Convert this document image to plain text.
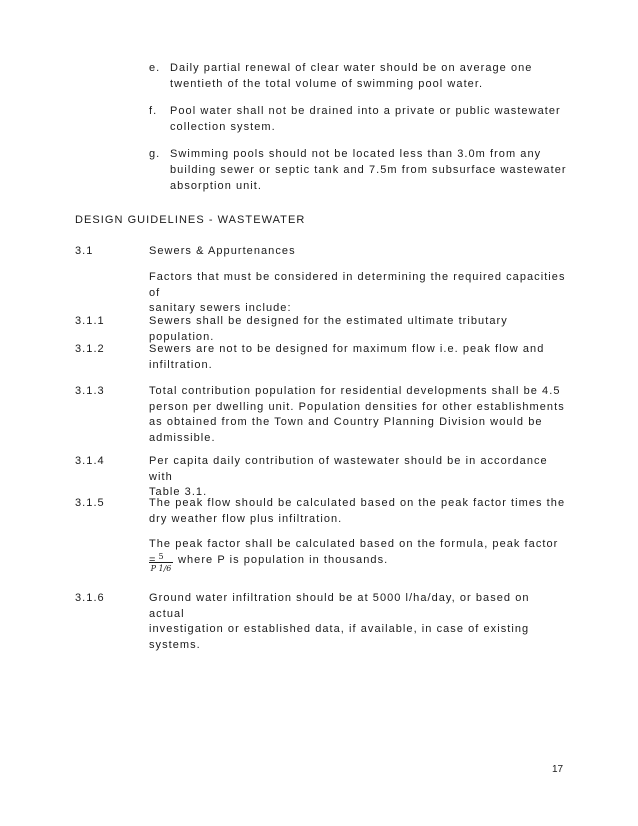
e. Daily partial renewal of clear water should be on average one
twentieth of the total volume of swimming pool water.
f. Pool water shall not be drained into a private or public wastewater
collection system.
g. Swimming pools should not be located less than 3.0m from any
building sewer or septic tank and 7.5m from subsurface wastewater
absorption unit.
DESIGN GUIDELINES - WASTEWATER
3.1	Sewers & Appurtenances
Factors that must be considered in determining the required capacities of
sanitary sewers include:
3.1.1	Sewers shall be designed for the estimated ultimate tributary population.
3.1.2	Sewers are not to be designed for maximum flow i.e. peak flow and
infiltration.
3.1.3	Total contribution population for residential developments shall be 4.5
person per dwelling unit. Population densities for other establishments
as obtained from the Town and Country Planning Division would be
admissible.
3.1.4	Per capita daily contribution of wastewater should be in accordance with
Table 3.1.
3.1.5	The peak flow should be calculated based on the peak factor times the
dry weather flow plus infiltration.
The peak factor shall be calculated based on the formula, peak factor = 5
P 1/6
where P is population in thousands.
3.1.6	Ground water infiltration should be at 5000 l/ha/day, or based on actual
investigation or established data, if available, in case of existing systems.
17
